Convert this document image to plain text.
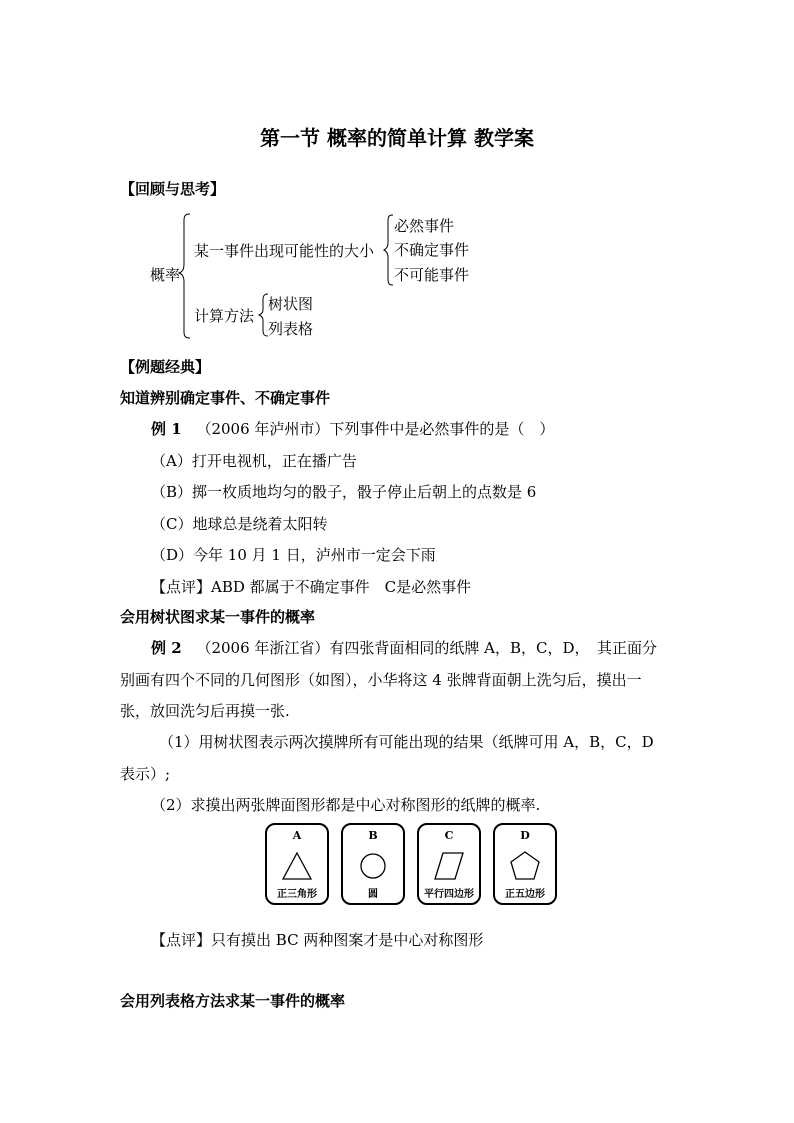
第一节 概率的简单计算 教学案
【回顾与思考】
概率
某一事件出现可能性的大小
必然事件
不确定事件
不可能事件
计算方法
树状图
列表格
【例题经典】
知道辨别确定事件、不确定事件
例 1 （2006 年泸州市）下列事件中是必然事件的是（　）
（A）打开电视机，正在播广告
（B）掷一枚质地均匀的骰子，骰子停止后朝上的点数是 6
（C）地球总是绕着太阳转
（D）今年 10 月 1 日，泸州市一定会下雨
【点评】ABD 都属于不确定事件　C是必然事件
会用树状图求某一事件的概率
例 2 （2006 年浙江省）有四张背面相同的纸牌 A，B，C，D，　其正面分
别画有四个不同的几何图形（如图），小华将这 4 张牌背面朝上洗匀后，摸出一
张，放回洗匀后再摸一张.
（1）用树状图表示两次摸牌所有可能出现的结果（纸牌可用 A，B，C，D
表示）;
（2）求摸出两张牌面图形都是中心对称图形的纸牌的概率.
A
正三角形
B
圆
C
平行四边形
D
正五边形
【点评】只有摸出 BC 两种图案才是中心对称图形
会用列表格方法求某一事件的概率
